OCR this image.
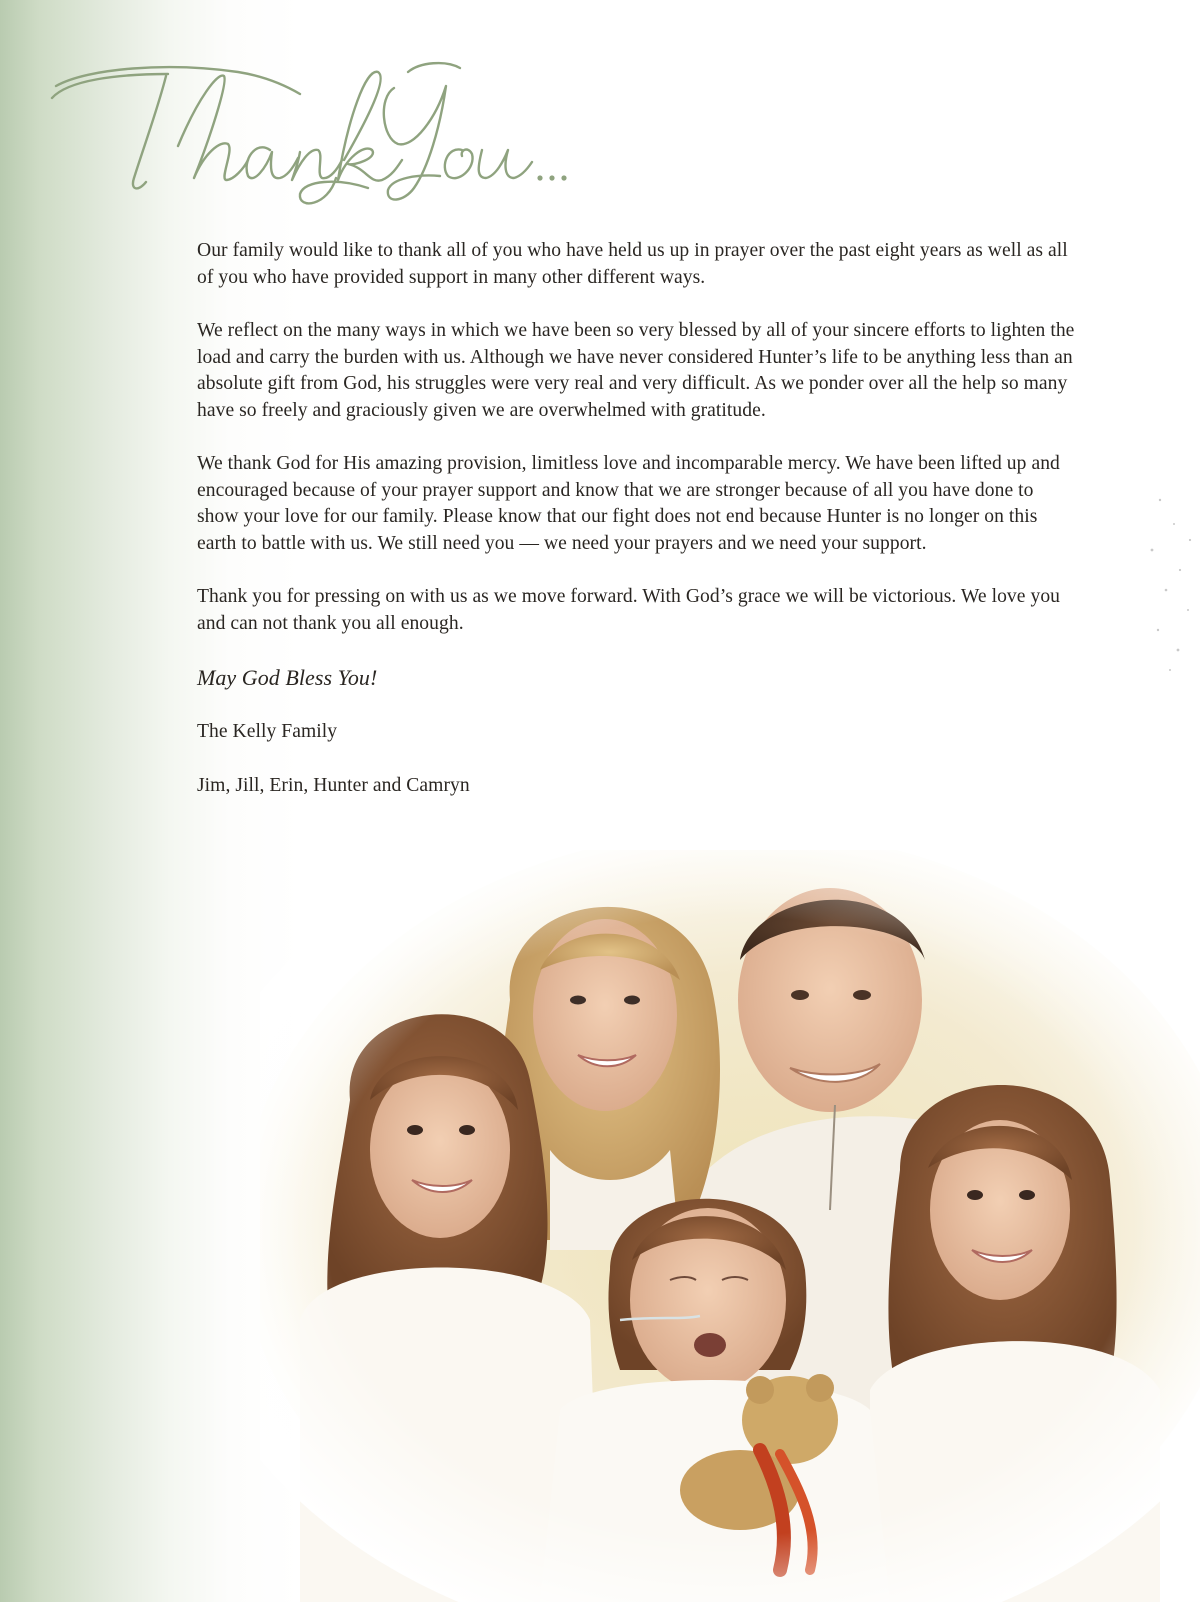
Our family would like to thank all of you who have held us up in prayer over the past eight years as well as all of you who have provided support in many other different ways.

We reflect on the many ways in which we have been so very blessed by all of your sincere efforts to lighten the load and carry the burden with us. Although we have never considered Hunter’s life to be anything less than an absolute gift from God, his struggles were very real and very difficult. As we ponder over all the help so many have so freely and graciously given we are overwhelmed with gratitude.

We thank God for His amazing provision, limitless love and incomparable mercy. We have been lifted up and encouraged because of your prayer support and know that we are stronger because of all you have done to show your love for our family. Please know that our fight does not end because Hunter is no longer on this earth to battle with us. We still need you — we need your prayers and we need your support.

Thank you for pressing on with us as we move forward. With God’s grace we will be victorious. We love you and can not thank you all enough.

May God Bless You!

The Kelly Family

Jim, Jill, Erin, Hunter and Camryn
